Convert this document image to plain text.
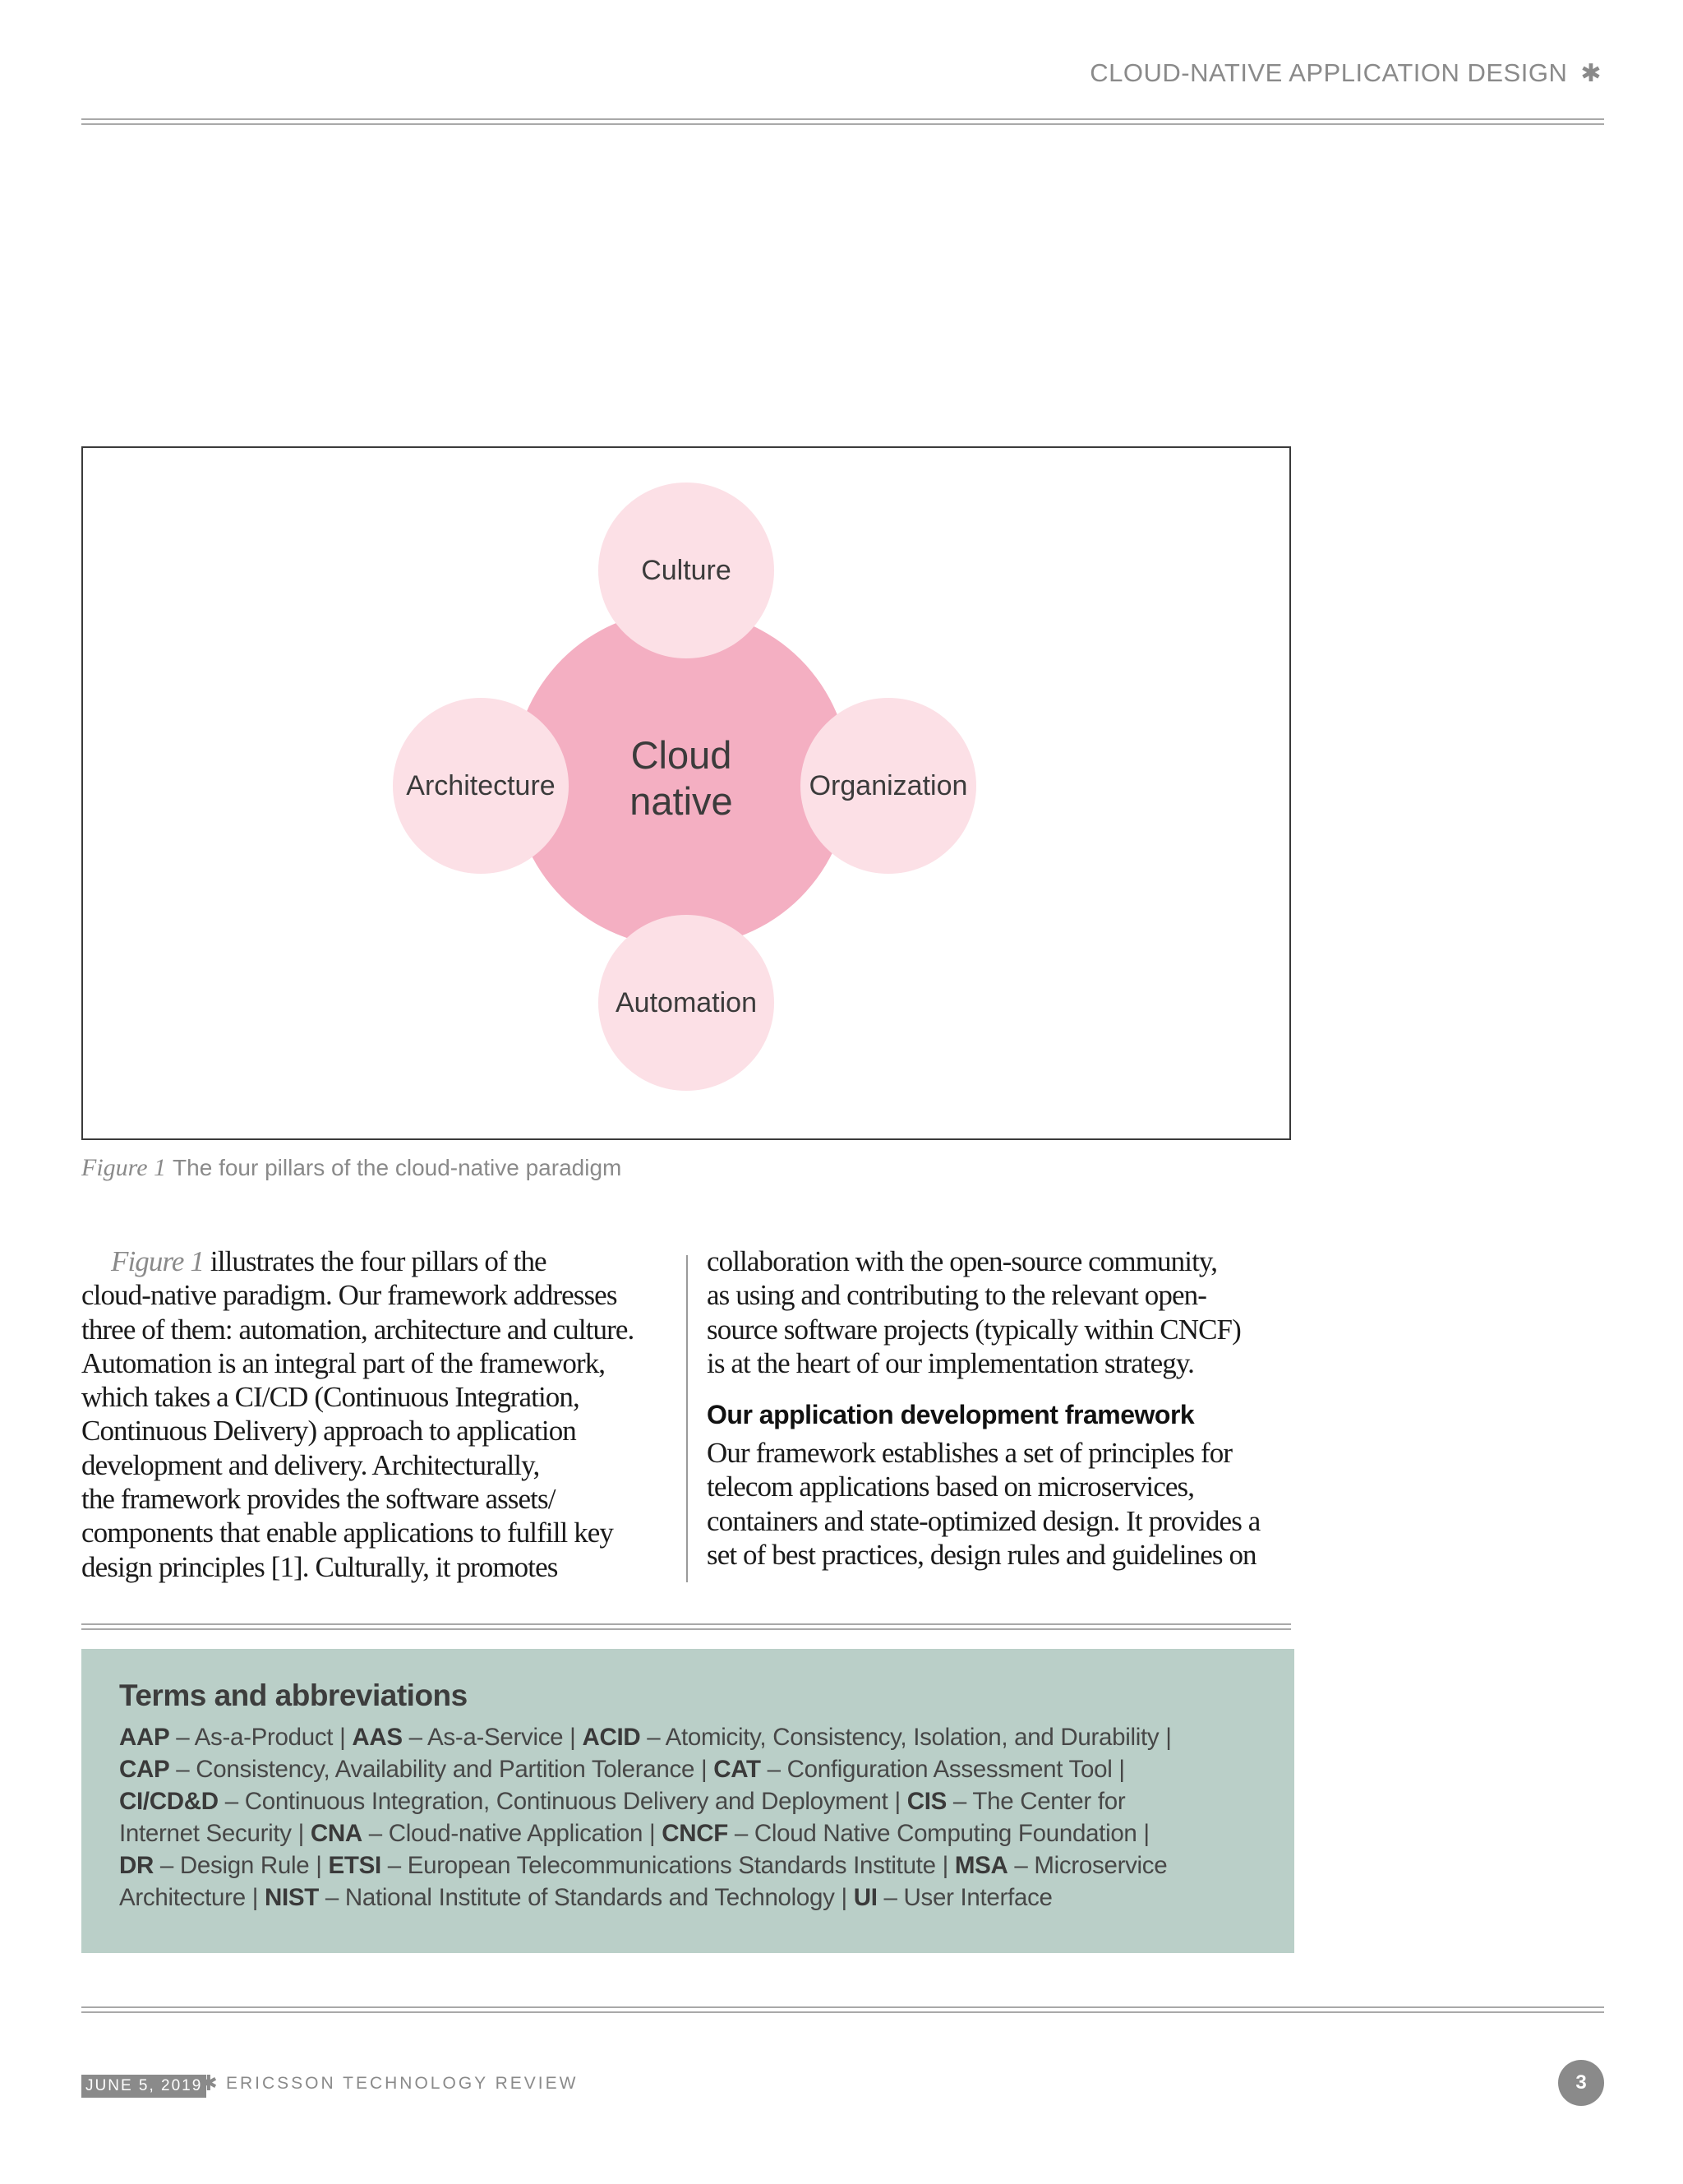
CLOUD-NATIVE APPLICATION DESIGN ✱
Cloud
native
Culture
Architecture	Organization
Automation
Figure 1 The four pillars of the cloud-native paradigm
Figure 1 illustrates the four pillars of the
cloud-native paradigm. Our framework addresses
three of them: automation, architecture and culture.
Automation is an integral part of the framework,
which takes a CI/CD (Continuous Integration,
Continuous Delivery) approach to application
development and delivery. Architecturally,
the framework provides the software assets/
components that enable applications to fulfill key
design principles [1]. Culturally, it promotes
collaboration with the open-source community,
as using and contributing to the relevant open-
source software projects (typically within CNCF)
is at the heart of our implementation strategy.
Our application development framework
Our framework establishes a set of principles for
telecom applications based on microservices,
containers and state-optimized design. It provides a
set of best practices, design rules and guidelines on
Terms and abbreviations
AAP – As-a-Product | AAS – As-a-Service | ACID – Atomicity, Consistency, Isolation, and Durability |
CAP – Consistency, Availability and Partition Tolerance | CAT – Configuration Assessment Tool |
CI/CD&D – Continuous Integration, Continuous Delivery and Deployment | CIS – The Center for
Internet Security | CNA – Cloud-native Application | CNCF – Cloud Native Computing Foundation |
DR – Design Rule | ETSI – European Telecommunications Standards Institute | MSA – Microservice
Architecture | NIST – National Institute of Standards and Technology | UI – User Interface
JUNE 5, 2019
✱ ERICSSON TECHNOLOGY REVIEW	3
